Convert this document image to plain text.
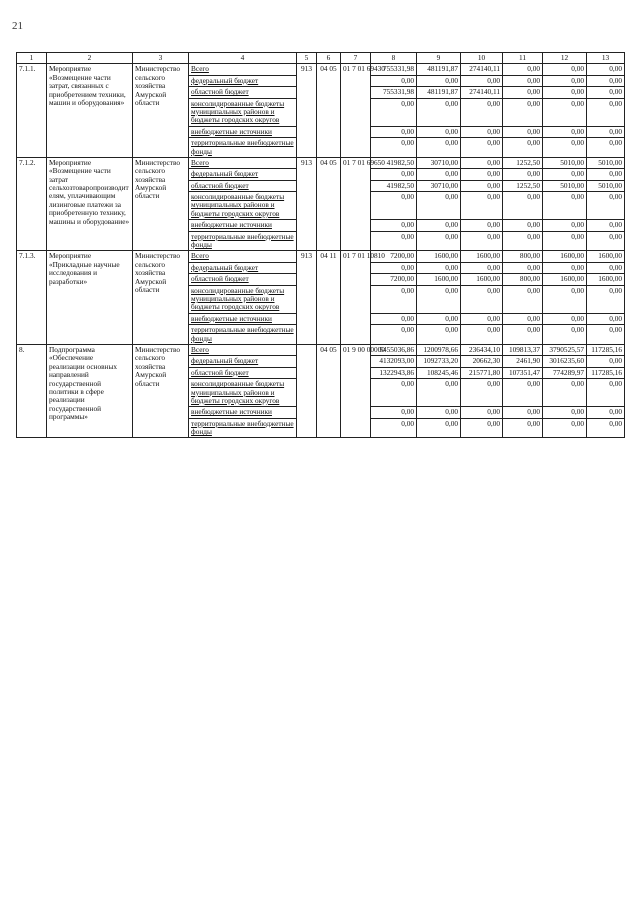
21
1	2	3	4	5	6	7	8	9	10	11	12	13
7.1.1.	Мероприятие «Возмещение части затрат, связанных с приобретением техники, машин и оборудования»	Министерство сельского хозяйства Амурской области	Всего	913	04 05	01 7 01 69430	755331,98	481191,87	274140,11	0,00	0,00	0,00
			федеральный бюджет				0,00	0,00	0,00	0,00	0,00	0,00
			областной бюджет				755331,98	481191,87	274140,11	0,00	0,00	0,00
			консолидированные бюджеты муниципальных районов и бюджеты городских округов				0,00	0,00	0,00	0,00	0,00	0,00
			внебюджетные источники				0,00	0,00	0,00	0,00	0,00	0,00
			территориальные внебюджетные фонды				0,00	0,00	0,00	0,00	0,00	0,00
7.1.2.	Мероприятие «Возмещение части затрат сельхозтоваропроизводителям, уплачивающим лизинговые платежи за приобретенную технику, машины и оборудование»	Министерство сельского хозяйства Амурской области	Всего	913	04 05	01 7 01 69650	41982,50	30710,00	0,00	1252,50	5010,00	5010,00
			федеральный бюджет				0,00	0,00	0,00	0,00	0,00	0,00
			областной бюджет				41982,50	30710,00	0,00	1252,50	5010,00	5010,00
			консолидированные бюджеты муниципальных районов и бюджеты городских округов				0,00	0,00	0,00	0,00	0,00	0,00
			внебюджетные источники				0,00	0,00	0,00	0,00	0,00	0,00
			территориальные внебюджетные фонды				0,00	0,00	0,00	0,00	0,00	0,00
7.1.3.	Мероприятие «Прикладные научные исследования и разработки»	Министерство сельского хозяйства Амурской области	Всего	913	04 11	01 7 01 10810	7200,00	1600,00	1600,00	800,00	1600,00	1600,00
			федеральный бюджет				0,00	0,00	0,00	0,00	0,00	0,00
			областной бюджет				7200,00	1600,00	1600,00	800,00	1600,00	1600,00
			консолидированные бюджеты муниципальных районов и бюджеты городских округов				0,00	0,00	0,00	0,00	0,00	0,00
			внебюджетные источники				0,00	0,00	0,00	0,00	0,00	0,00
			территориальные внебюджетные фонды				0,00	0,00	0,00	0,00	0,00	0,00
8.	Подпрограмма «Обеспечение реализации основных направлений государственной политики в сфере реализации государственной программы»	Министерство сельского хозяйства Амурской области	Всего		04 05	01 9 00 00000	5455036,86	1200978,66	236434,10	109813,37	3790525,57	117285,16
			федеральный бюджет				4132093,00	1092733,20	20662,30	2461,90	3016235,60	0,00
			областной бюджет				1322943,86	108245,46	215771,80	107351,47	774289,97	117285,16
			консолидированные бюджеты муниципальных районов и бюджеты городских округов				0,00	0,00	0,00	0,00	0,00	0,00
			внебюджетные источники				0,00	0,00	0,00	0,00	0,00	0,00
			территориальные внебюджетные фонды				0,00	0,00	0,00	0,00	0,00	0,00
